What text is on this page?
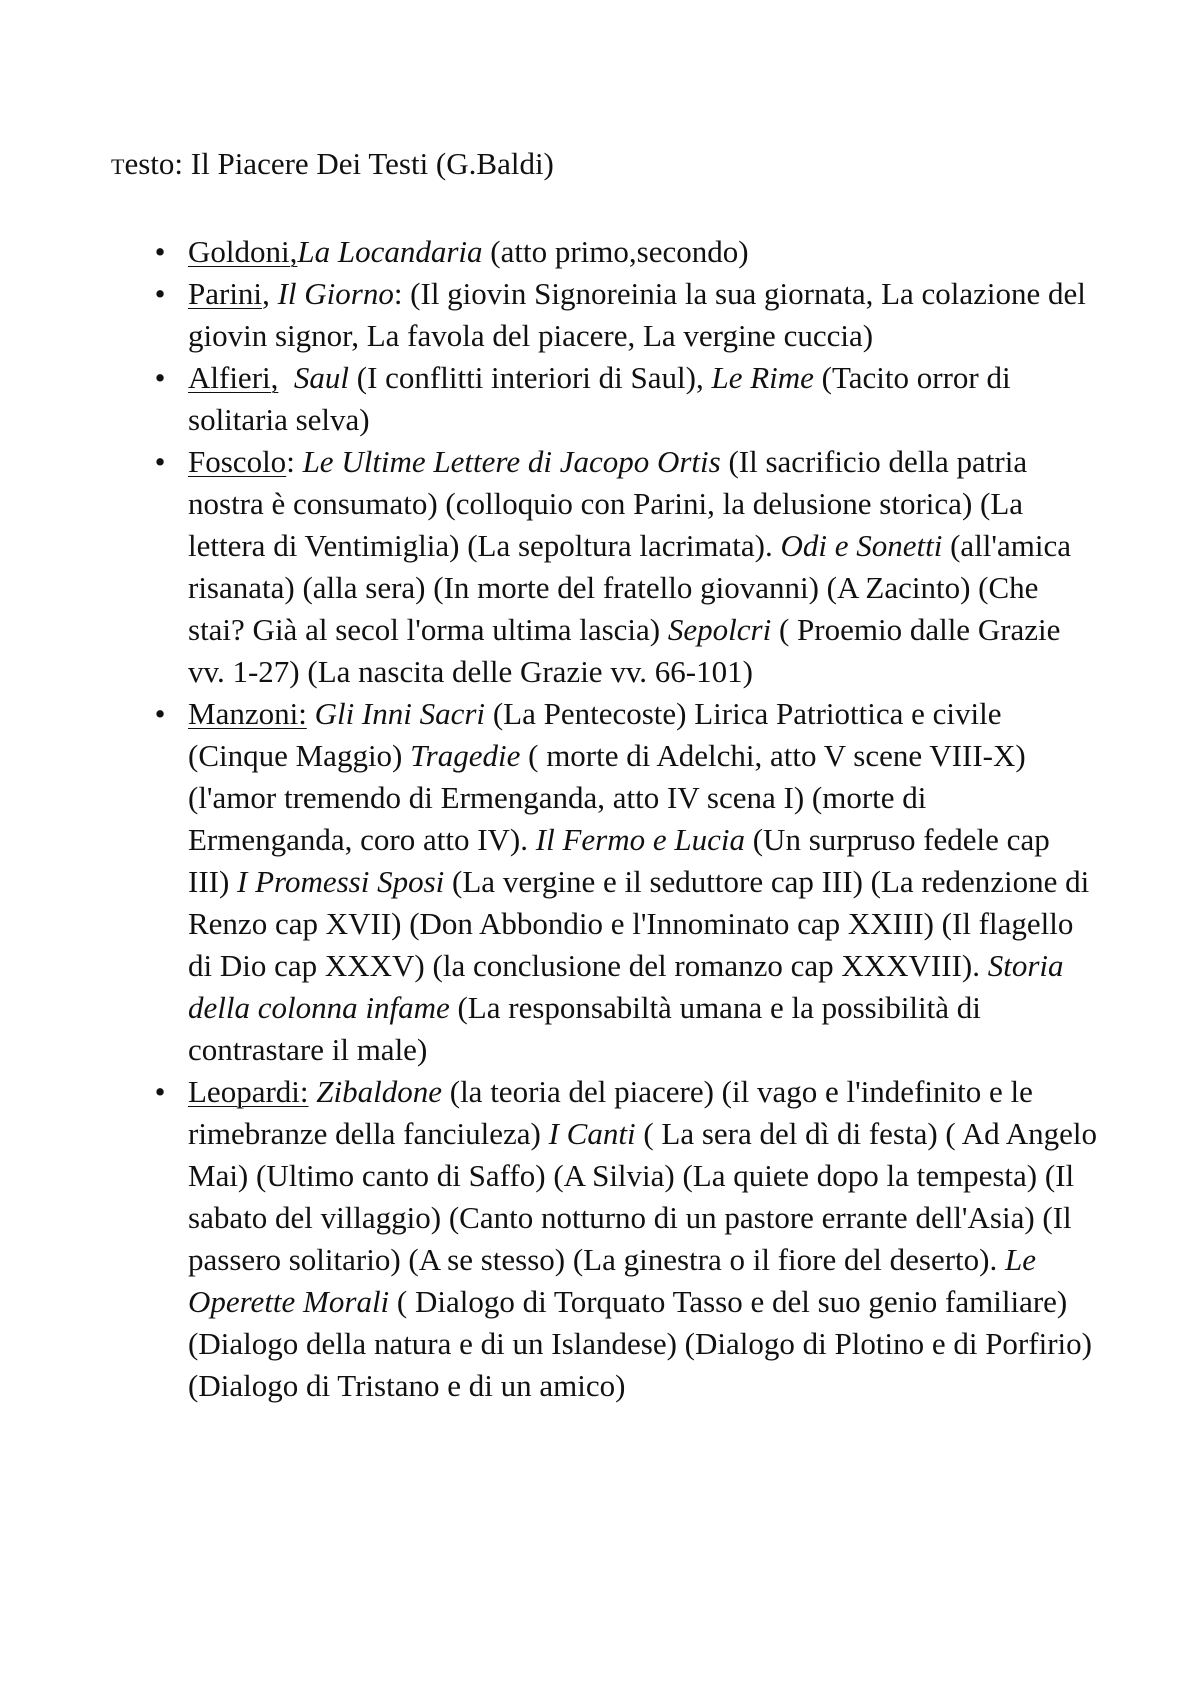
Testo: Il Piacere Dei Testi (G.Baldi)
• Goldoni,La Locandaria (atto primo,secondo)
• Parini, Il Giorno: (Il giovin Signoreinia la sua giornata, La colazione del giovin signor, La favola del piacere, La vergine cuccia)
• Alfieri, Saul (I conflitti interiori di Saul), Le Rime (Tacito orror di solitaria selva)
• Foscolo: Le Ultime Lettere di Jacopo Ortis (Il sacrificio della patria nostra è consumato) (colloquio con Parini, la delusione storica) (La lettera di Ventimiglia) (La sepoltura lacrimata). Odi e Sonetti (all'amica risanata) (alla sera) (In morte del fratello giovanni) (A Zacinto) (Che stai? Già al secol l'orma ultima lascia) Sepolcri ( Proemio dalle Grazie vv. 1-27) (La nascita delle Grazie vv. 66-101)
• Manzoni: Gli Inni Sacri (La Pentecoste) Lirica Patriottica e civile (Cinque Maggio) Tragedie ( morte di Adelchi, atto V scene VIII-X) (l'amor tremendo di Ermenganda, atto IV scena I) (morte di Ermenganda, coro atto IV). Il Fermo e Lucia (Un surpruso fedele cap III) I Promessi Sposi (La vergine e il seduttore cap III) (La redenzione di Renzo cap XVII) (Don Abbondio e l'Innominato cap XXIII) (Il flagello di Dio cap XXXV) (la conclusione del romanzo cap XXXVIII). Storia della colonna infame (La responsabiltà umana e la possibilità di contrastare il male)
• Leopardi: Zibaldone (la teoria del piacere) (il vago e l'indefinito e le rimebranze della fanciuleza) I Canti ( La sera del dì di festa) ( Ad Angelo Mai) (Ultimo canto di Saffo) (A Silvia) (La quiete dopo la tempesta) (Il sabato del villaggio) (Canto notturno di un pastore errante dell'Asia) (Il passero solitario) (A se stesso) (La ginestra o il fiore del deserto). Le Operette Morali ( Dialogo di Torquato Tasso e del suo genio familiare) (Dialogo della natura e di un Islandese) (Dialogo di Plotino e di Porfirio) (Dialogo di Tristano e di un amico)
